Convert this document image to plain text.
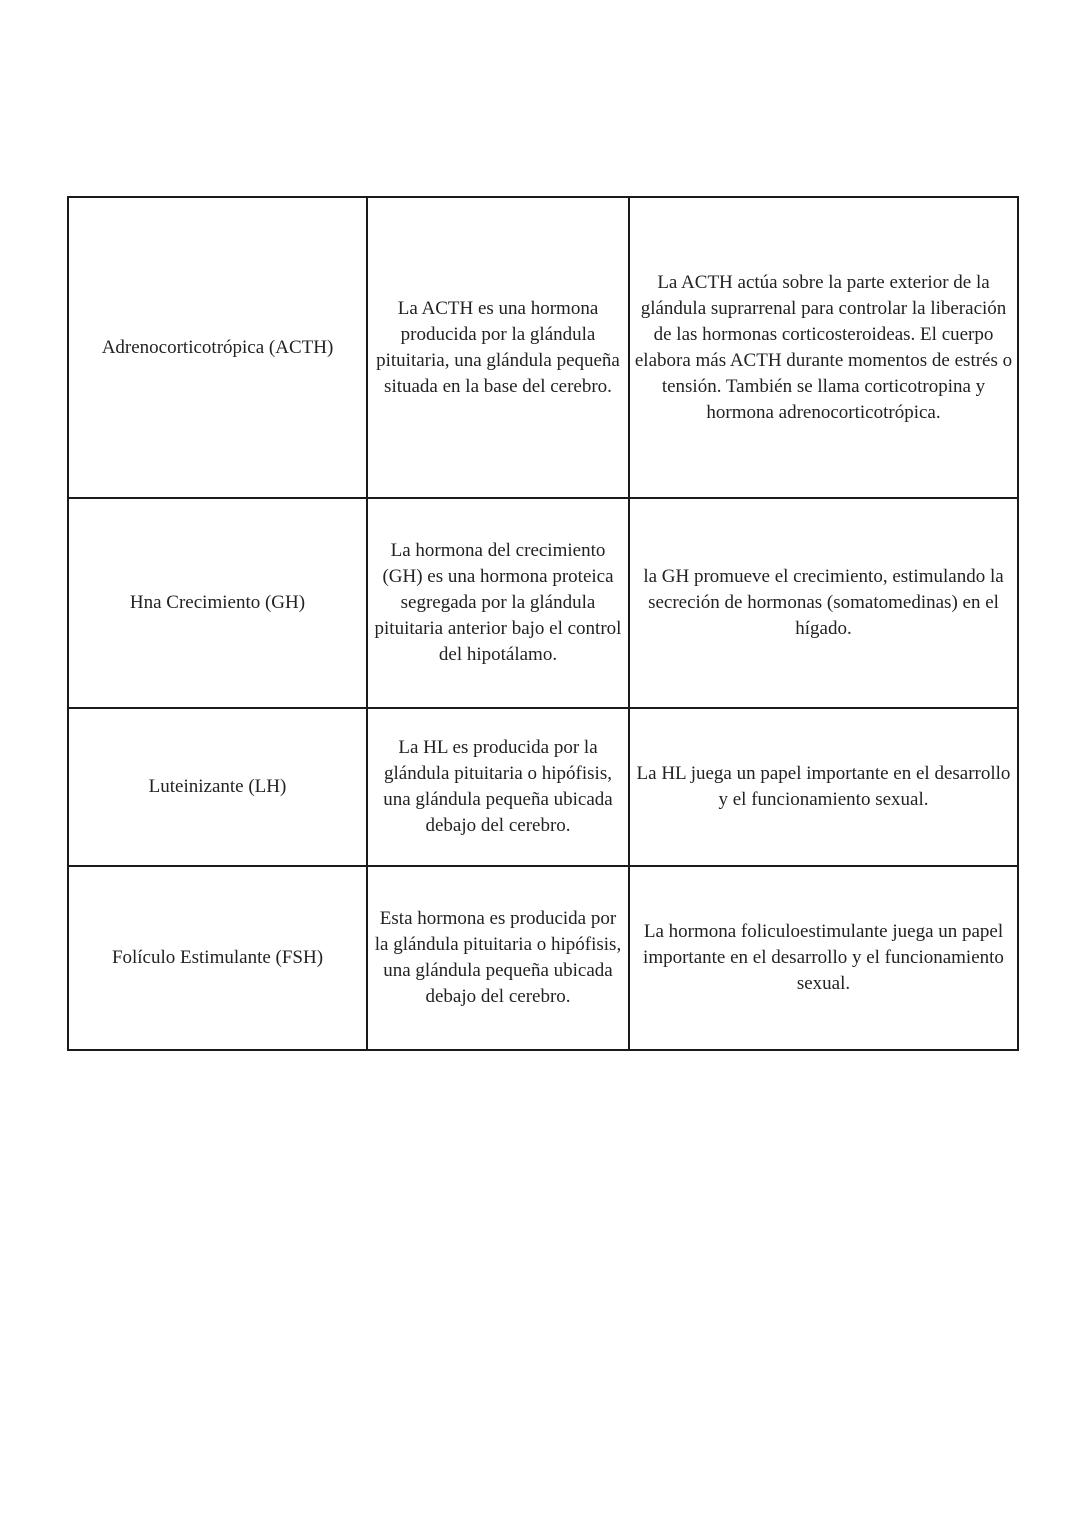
Adrenocorticotrópica (ACTH)	La ACTH es una hormona producida por la glándula pituitaria, una glándula pequeña situada en la base del cerebro.	La ACTH actúa sobre la parte exterior de la glándula suprarrenal para controlar la liberación de las hormonas corticosteroideas. El cuerpo elabora más ACTH durante momentos de estrés o tensión. También se llama corticotropina y hormona adrenocorticotrópica.
Hna Crecimiento (GH)	La hormona del crecimiento (GH) es una hormona proteica segregada por la glándula pituitaria anterior bajo el control del hipotálamo.	la GH promueve el crecimiento, estimulando la secreción de hormonas (somatomedinas) en el hígado.
Luteinizante (LH)	La HL es producida por la glándula pituitaria o hipófisis, una glándula pequeña ubicada debajo del cerebro.	La HL juega un papel importante en el desarrollo y el funcionamiento sexual.
Folículo Estimulante (FSH)	Esta hormona es producida por la glándula pituitaria o hipófisis, una glándula pequeña ubicada debajo del cerebro.	La hormona foliculoestimulante juega un papel importante en el desarrollo y el funcionamiento sexual.
